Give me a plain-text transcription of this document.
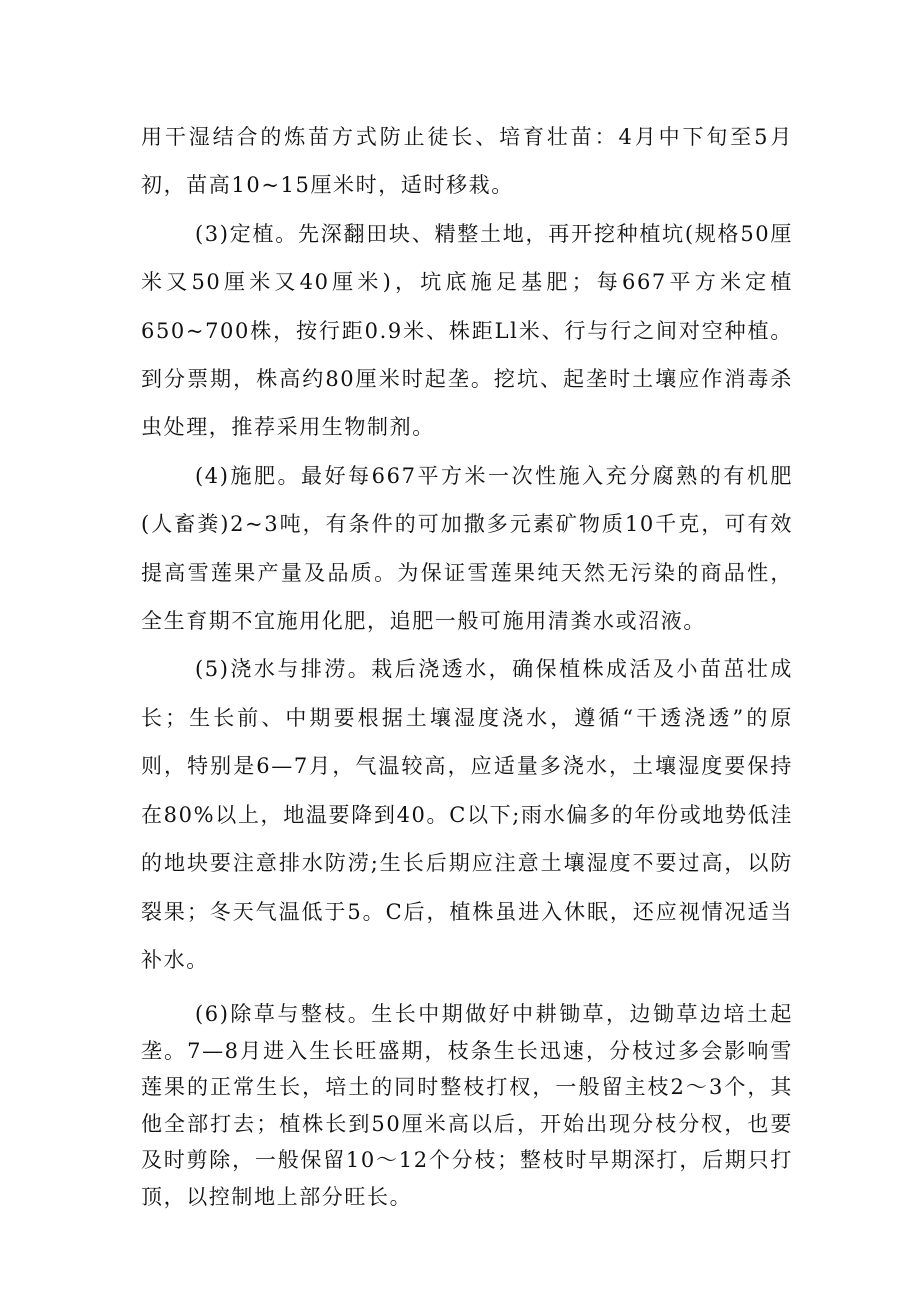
用干湿结合的炼苗方式防止徒长、培育壮苗：4月中下旬至5月初，苗高10~15厘米时，适时移栽。

(3)定植。先深翻田块、精整土地，再开挖种植坑(规格50厘米又50厘米又40厘米)，坑底施足基肥；每667平方米定植650~700株，按行距0.9米、株距Ll米、行与行之间对空种植。到分票期，株高约80厘米时起垄。挖坑、起垄时土壤应作消毒杀虫处理，推荐采用生物制剂。

(4)施肥。最好每667平方米一次性施入充分腐熟的有机肥(人畜粪)2~3吨，有条件的可加撒多元素矿物质10千克，可有效提高雪莲果产量及品质。为保证雪莲果纯天然无污染的商品性，全生育期不宜施用化肥，追肥一般可施用清粪水或沼液。

(5)浇水与排涝。栽后浇透水，确保植株成活及小苗茁壮成长；生长前、中期要根据土壤湿度浇水，遵循“干透浇透”的原则，特别是6—7月，气温较高，应适量多浇水，土壤湿度要保持在80%以上，地温要降到40。C以下;雨水偏多的年份或地势低洼的地块要注意排水防涝;生长后期应注意土壤湿度不要过高，以防裂果；冬天气温低于5。C后，植株虽进入休眠，还应视情况适当补水。

(6)除草与整枝。生长中期做好中耕锄草，边锄草边培土起垄。7—8月进入生长旺盛期，枝条生长迅速，分枝过多会影响雪莲果的正常生长，培土的同时整枝打杈，一般留主枝2～3个，其他全部打去；植株长到50厘米高以后，开始出现分枝分杈，也要及时剪除，一般保留10～12个分枝；整枝时早期深打，后期只打顶，以控制地上部分旺长。
